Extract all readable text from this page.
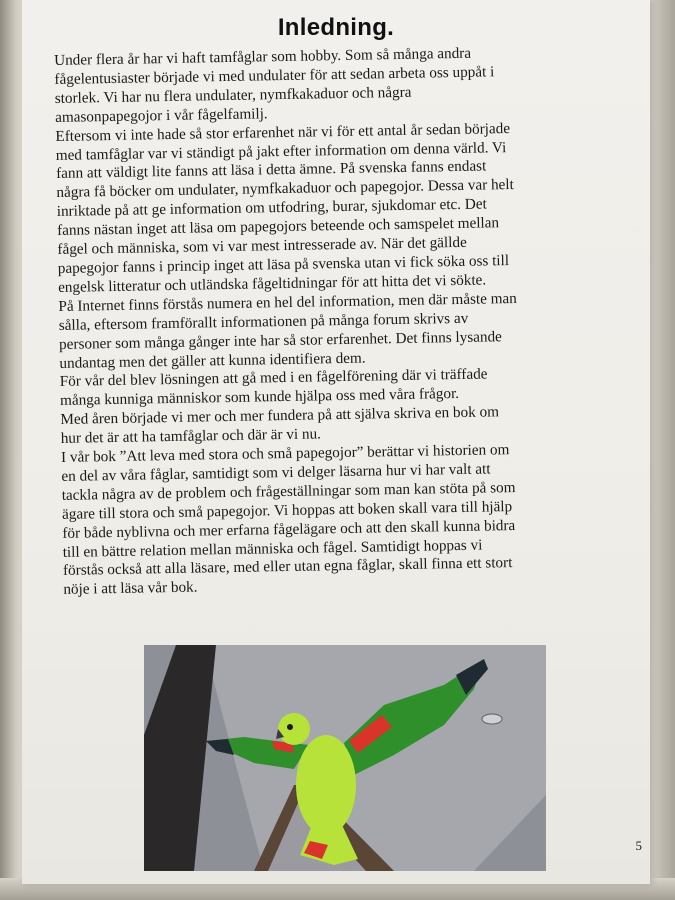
Inledning.
Under flera år har vi haft tamfåglar som hobby. Som så många andra
fågelentusiaster började vi med undulater för att sedan arbeta oss uppåt i
storlek. Vi har nu flera undulater, nymfkakaduor och några
amasonpapegojor i vår fågelfamilj.
Eftersom vi inte hade så stor erfarenhet när vi för ett antal år sedan började
med tamfåglar var vi ständigt på jakt efter information om denna värld. Vi
fann att väldigt lite fanns att läsa i detta ämne. På svenska fanns endast
några få böcker om undulater, nymfkakaduor och papegojor. Dessa var helt
inriktade på att ge information om utfodring, burar, sjukdomar etc. Det
fanns nästan inget att läsa om papegojors beteende och samspelet mellan
fågel och människa, som vi var mest intresserade av. När det gällde
papegojor fanns i princip inget att läsa på svenska utan vi fick söka oss till
engelsk litteratur och utländska fågeltidningar för att hitta det vi sökte.
På Internet finns förstås numera en hel del information, men där måste man
sålla, eftersom framförallt informationen på många forum skrivs av
personer som många gånger inte har så stor erfarenhet. Det finns lysande
undantag men det gäller att kunna identifiera dem.
För vår del blev lösningen att gå med i en fågelförening där vi träffade
många kunniga människor som kunde hjälpa oss med våra frågor.
Med åren började vi mer och mer fundera på att själva skriva en bok om
hur det är att ha tamfåglar och där är vi nu.
I vår bok ”Att leva med stora och små papegojor” berättar vi historien om
en del av våra fåglar, samtidigt som vi delger läsarna hur vi har valt att
tackla några av de problem och frågeställningar som man kan stöta på som
ägare till stora och små papegojor. Vi hoppas att boken skall vara till hjälp
för både nyblivna och mer erfarna fågelägare och att den skall kunna bidra
till en bättre relation mellan människa och fågel. Samtidigt hoppas vi
förstås också att alla läsare, med eller utan egna fåglar, skall finna ett stort
nöje i att läsa vår bok.
5
